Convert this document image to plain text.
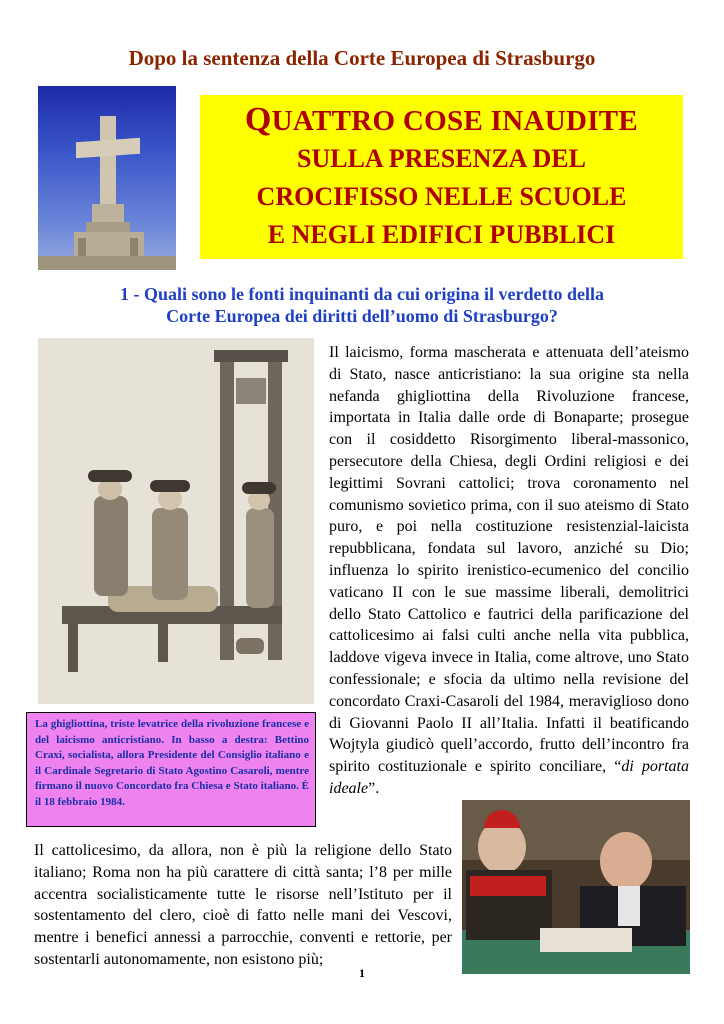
Dopo la sentenza della Corte Europea di Strasburgo
QUATTRO COSE INAUDITE
SULLA PRESENZA DEL
CROCIFISSO NELLE SCUOLE
E NEGLI EDIFICI PUBBLICI
1 - Quali sono le fonti inquinanti da cui origina il verdetto della
Corte Europea dei diritti dell’uomo di Strasburgo?
Il laicismo, forma mascherata e attenuata dell’ateismo di Stato, nasce anticristiano: la sua origine sta nella nefanda ghigliottina della Rivoluzione francese, importata in Italia dalle orde di Bonaparte; prosegue con il cosiddetto Risorgimento liberal-massonico, persecutore della Chiesa, degli Ordini religiosi e dei legittimi Sovrani cattolici; trova coronamento nel comunismo sovietico prima, con il suo ateismo di Stato puro, e poi nella costituzione resistenzial-laicista repubblicana, fondata sul lavoro, anziché su Dio; influenza lo spirito irenistico-ecumenico del concilio vaticano II con le sue massime liberali, demolitrici dello Stato Cattolico e fautrici della parificazione del cattolicesimo ai falsi culti anche nella vita pubblica, laddove vigeva invece in Italia, come altrove, uno Stato confessionale; e sfocia da ultimo nella revisione del concordato Craxi-Casaroli del 1984, meraviglioso dono di Giovanni Paolo II all’Italia. Infatti il beatificando Wojtyla giudicò quell’accordo, frutto dell’incontro fra spirito costituzionale e spirito conciliare, “di portata ideale”.
La ghigliottina, triste levatrice della rivoluzione francese e del laicismo anticristiano. In basso a destra: Bettino Craxi, socialista, allora Presidente del Consiglio italiano e il Cardinale Segretario di Stato Agostino Casaroli, mentre firmano il nuovo Concordato fra Chiesa e Stato italiano. È il 18 febbraio 1984.
Il cattolicesimo, da allora, non è più la religione dello Stato italiano; Roma non ha più carattere di città santa; l’8 per mille accentra socialisticamente tutte le risorse nell’Istituto per il sostentamento del clero, cioè di fatto nelle mani dei Vescovi, mentre i benefici annessi a parrocchie, conventi e rettorie, per sostentarli autonomamente, non esistono più;
1
